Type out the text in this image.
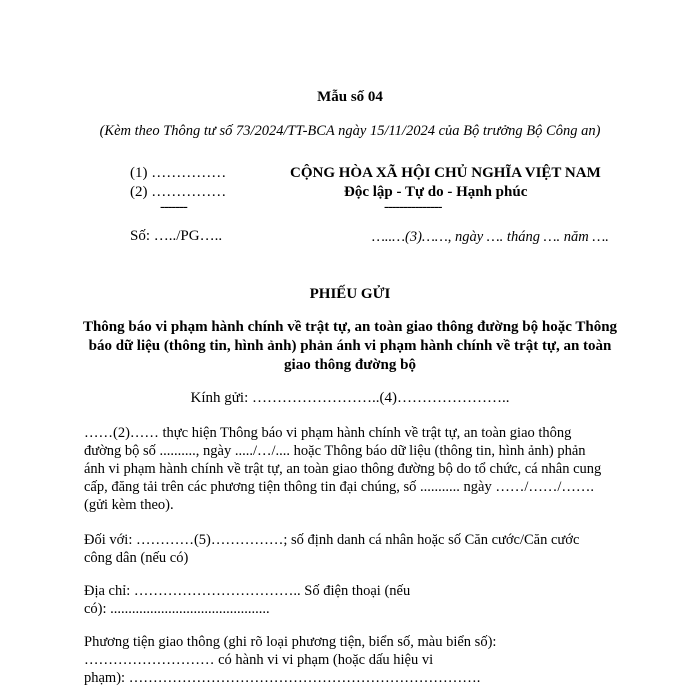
Mẫu số 04
(Kèm theo Thông tư số 73/2024/TT-BCA ngày 15/11/2024 của Bộ trưởng Bộ Công an)
(1) ……………
(2) ……………
-------
Số: …../PG…..
CỘNG HÒA XÃ HỘI CHỦ NGHĨA VIỆT NAM
Độc lập - Tự do - Hạnh phúc
---------------
…..…(3)……, ngày …. tháng …. năm ….
PHIẾU GỬI
Thông báo vi phạm hành chính về trật tự, an toàn giao thông đường bộ hoặc Thông
báo dữ liệu (thông tin, hình ảnh) phản ánh vi phạm hành chính về trật tự, an toàn
giao thông đường bộ
Kính gửi: ……………………..(4)…………………..
……(2)…… thực hiện Thông báo vi phạm hành chính về trật tự, an toàn giao thông
đường bộ số .........., ngày ...../…/.... hoặc Thông báo dữ liệu (thông tin, hình ảnh) phản
ánh vi phạm hành chính về trật tự, an toàn giao thông đường bộ do tổ chức, cá nhân cung
cấp, đăng tải trên các phương tiện thông tin đại chúng, số ........... ngày ……/……/…….
(gửi kèm theo).
Đối với: …………(5)……………; số định danh cá nhân hoặc số Căn cước/Căn cước
công dân (nếu có)
Địa chỉ: …………………………….. Số điện thoại (nếu
có): ............................................
Phương tiện giao thông (ghi rõ loại phương tiện, biển số, màu biển số):
……………………… có hành vi vi phạm (hoặc dấu hiệu vi
phạm): ……………………………………………………………….
